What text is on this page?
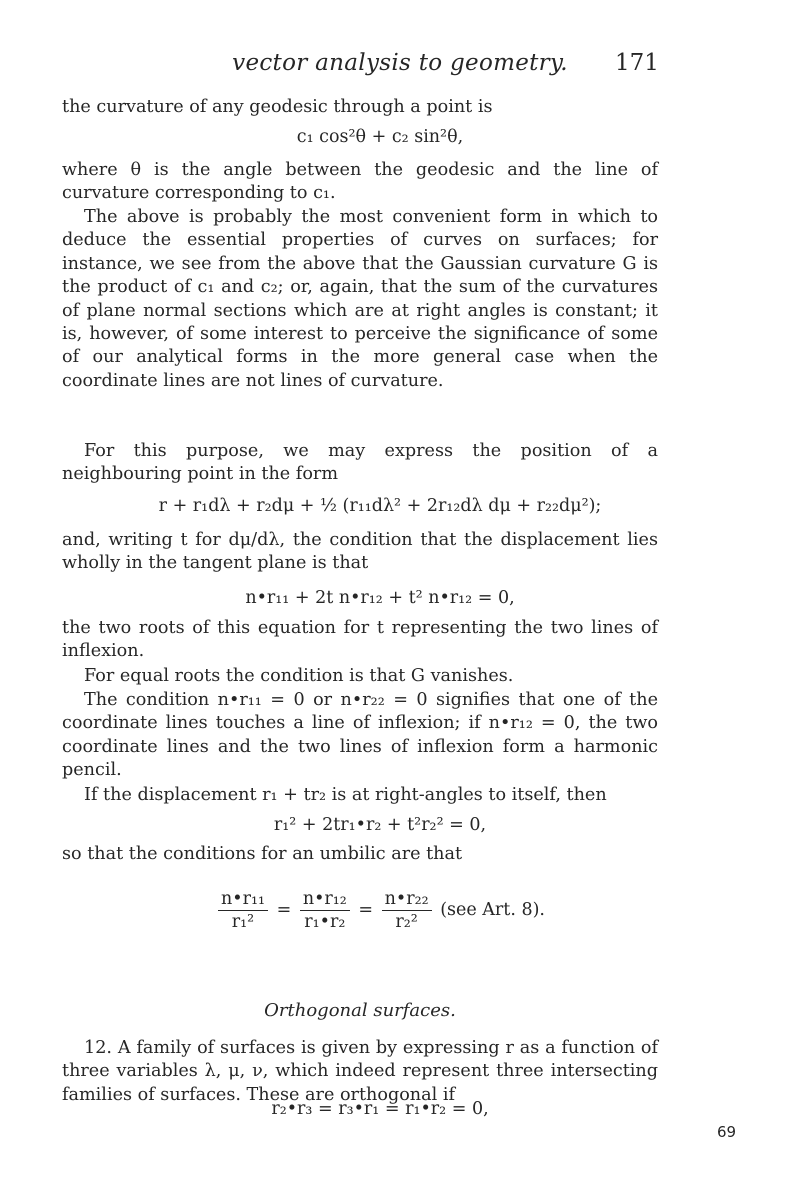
vector analysis to geometry.	171
the curvature of any geodesic through a point is
c₁ cos²θ + c₂ sin²θ,
where θ is the angle between the geodesic and the line of curvature corresponding to c₁.
The above is probably the most convenient form in which to deduce the essential properties of curves on surfaces; for instance, we see from the above that the Gaussian curvature G is the product of c₁ and c₂; or, again, that the sum of the curvatures of plane normal sections which are at right angles is constant; it is, however, of some interest to perceive the significance of some of our analytical forms in the more general case when the coordinate lines are not lines of curvature.
For this purpose, we may express the position of a neighbouring point in the form
r + r₁dλ + r₂dμ + ½ (r₁₁dλ² + 2r₁₂dλ dμ + r₂₂dμ²);
and, writing t for dμ/dλ, the condition that the displacement lies wholly in the tangent plane is that
n•r₁₁ + 2t n•r₁₂ + t² n•r₁₂ = 0,
the two roots of this equation for t representing the two lines of inflexion.
For equal roots the condition is that G vanishes.
The condition n•r₁₁ = 0 or n•r₂₂ = 0 signifies that one of the coordinate lines touches a line of inflexion; if n•r₁₂ = 0, the two coordinate lines and the two lines of inflexion form a harmonic pencil.
If the displacement r₁ + tr₂ is at right-angles to itself, then
r₁² + 2tr₁•r₂ + t²r₂² = 0,
so that the conditions for an umbilic are that
$\frac{\text{n•r₁₁}}{\text{r₁²}} = \frac{\text{n•r₁₂}}{\text{r₁•r₂}} = \frac{\text{n•r₂₂}}{\text{r₂²}} (see$ Art. 8).
Orthogonal surfaces.
12. A family of surfaces is given by expressing r as a function of three variables λ, μ, ν, which indeed represent three intersecting families of surfaces. These are orthogonal if
r₂•r₃ = r₃•r₁ = r₁•r₂ = 0,
69
